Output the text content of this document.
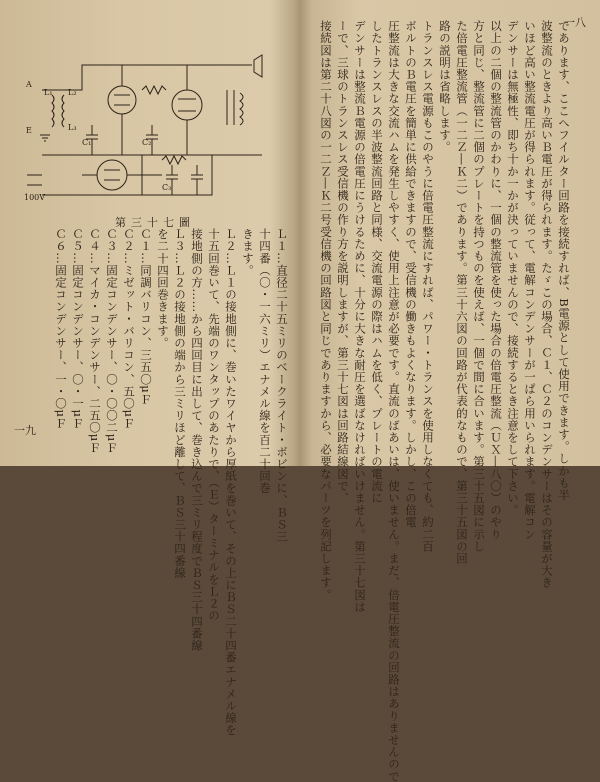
一八
であります、ここへフイルター回路を接続すれば、B電源として使用できます。しかも半
波整流のときより高いＢ電圧が得られます。たゞこの場合、Ｃ１、Ｃ２のコンデンサーはその容量が大き
いほど高い整流電圧が得られます。従って、電解コンデンサーが一ぱら用いられます。電解コン
デンサーは無極性、即ち十か一かが決っていませんので、接続するとき注意をして下さい。
以上の二個の整流管のかわりに、一個の整流管を使った場合の倍電圧整流（ＵＸ―八〇）のやり
方と同じ、整流管に二個のプレートを持つものを使えば、一個で間に合います。第三十五図に示し
た倍電圧整流管（一二Ｚ―Ｋ二）であります。第三十六図の回路が代表的なもので、第三十五図の回
路の説明は省略します。
トランスレス電源もこのやうに倍電圧整流にすれば、パワー・トランスを使用しなくても、約二百
ボルトのＢ電圧を簡単に供給できますので、受信機の働きもよくなります。しかし、この倍電
圧整流は大きな交流ハムを発生しやすく、使用上注意が必要です。直流のばあいは、使いません。まだ、倍電圧整流の回路はありませんので
したトランスレスの半波整流回路と同様、交流電源の際はハムを低く、プレートの電流に
デンサーは整流Ｂ電源の倍電圧にうけるために、十分に大きな耐圧を選ばなければいけません。第三十七図は
ーで、三球のトランスレス受信機の作り方を説明しますが、第三十七図は回路結線図で、
接続図は第二十八図の一二Ｚ―Ｋ二号受信機の回路図と同じでありますから、必要なパーツを列記します。
A
E
L₁ L₂
L₃
C₁	C₂
C₃
100V
第三十七圖
Ｌ１…直径二十五ミリのベークライト・ボビンに、ＢＳ三
十四番（〇・一六ミリ）エナメル線を百二十回巻
きます。
Ｌ２…Ｌ１の接地側に、巻いたワイヤから厚紙を巻いて、その上にＢＳ二十四番エナメル線を
十五回巻いて、先端のワンタップのあたりで、（Ｅ）ターミナルをＬ２の
接地側の方……から四回目に出して、巻き込んで三ミリ程度でＢＳ三十四番線
Ｌ３…Ｌ２の接地側の端から三ミリほど離して、ＢＳ三十四番線
を二十四回巻きます。
Ｃ１…同調バリコン、三五〇μＦ
Ｃ２…ミゼット・バリコン、五〇μＦ
Ｃ３…固定コンデンサー、〇・〇〇二μＦ
Ｃ４…マイカ・コンデンサー、二五〇μＦ
Ｃ５…固定コンデンサー、〇・一μＦ
Ｃ６…固定コンデンサー、一・〇μＦ
一九
